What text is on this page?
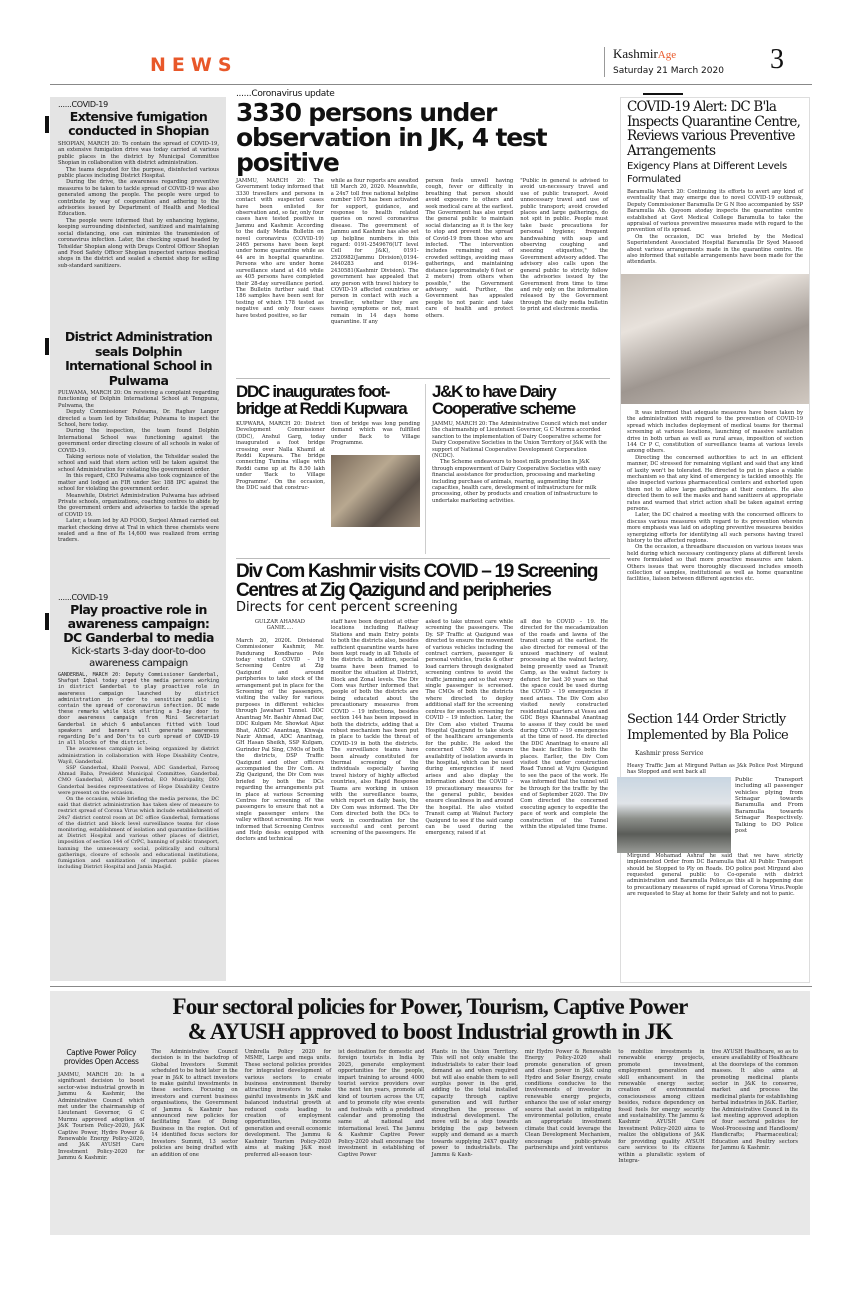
NEWS
KashmirAge
Saturday 21 March 2020 3
......COVID-19
Extensive fumigation conducted in Shopian

SHOPIAN, MARCH 20: To contain the spread of COVID-19, an extensive fumigation drive was today carried at various public places in the district by Municipal Committee Shopian in collaboration with district administration.

The teams deputed for the purpose, disinfected various public places including District Hospital.

During the drive, the awareness regarding preventive measures to be taken to tackle spread of COVID-19 was also generated among the people. The people were urged to contribute by way of cooperation and adhering to the advisories issued by Department of Health and Medical Education.

The people were informed that by enhancing hygiene, keeping surrounding disinfected, sanitized and maintaining social distancing, one can minimize the transmission of coronavirus infection. Later, the checking squad headed by Tehsildar Shopian along with Drugs Control Officer Shopian and Food Safety Officer Shopian inspected various medical shops in the district and sealed a chemist shop for selling sub-standard sanitizers.

District Administration seals Dolphin International School in Pulwama

PULWAMA, MARCH 20: On receiving a complaint regarding functioning of Dolphin International School at Tengpuna, Pulwama, the

Deputy Commissioner Pulwama, Dr. Raghav Langer directed a team led by Tehsildar, Pulwama to inspect the School, here today.

During the inspection, the team found Dolphin International School was functioning against the government order directing closure of all schools in wake of COVID-19.

Taking serious note of violation, the Tehsildar sealed the school and said that stern action will be taken against the school Administration for violating the government order.

In this regard, CEO Pulwama also took cognizance of the matter and lodged an FIR under Sec 188 IPC against the school for violating the government order.

Meanwhile, District Administration Pulwama has advised Private schools, organizations, coaching centres to abide by the government orders and advisories to tackle the spread of COVID 19.

Later, a team led by AD FOOD, Surjeel Ahmad carried out market checking drive at Tral in which three chemists were sealed and a fine of Rs 14,600 was realized from erring traders.

......COVID-19
Play proactive role in awareness campaign: DC Ganderbal to media
Kick-starts 3-day door-to-doo awareness campaign

GANDERBAL, MARCH 20: Deputy Commissioner Ganderbal, Shafqat Iqbal today urged the media persons working in district Ganderbal to play proactive role in awareness campaign launched by district administration in order to sensitize public to contain the spread of coronavirus infection. DC made these remarks while kick starting a 3-day door to door awareness campaign from Mini Secretariat Ganderbal in which 6 ambulances fitted with loud speakers and banners will generate awareness regarding Do's and Don'ts to curb spread of COVID-19 in all blocks of the district.

The awareness campaign is being organized by district administration in collaboration with Hope Disability Centre, Wayil, Ganderbal.

SSP Ganderbal, Khalil Poswal, ADC Ganderbal, Farooq Ahmad Baba, President Municipal Committee, Ganderbal, CMO Ganderbal, ARTO Ganderbal, EO Municipality, DIO Ganderbal besides representatives of Hope Disability Centre were present on the occasion.

On the occasion, while briefing the media persons, the DC said that district administration has taken slew of measure to restrict spread of Corona Virus which include establishment of 24x7 district control room at DC office Ganderbal, formations of the district and block level surveillance teams for close monitoring, establishment of isolation and quarantine facilities at District Hospital and various other places of district, imposition of section 144 of CrPC, banning of public transport, banning the unnecessary social, politically and cultural gatherings, closure of schools and educational institutions, fumigation and sanitization of important public places including District Hospital and Jamia Masjid.

......Coronavirus update
3330 persons under observation in JK, 4 test positive
JAMMU, MARCH 20: The Government today informed that 3330 travellers and persons in contact with suspected cases have been enlisted for observation and, so far, only four cases have tested positive in Jammu and Kashmir. According to the daily Media Bulletin on novel coronavirus (COVID-19) 2465 persons have been kept under home quarantine while as 44 are in hospital quarantine. Persons who are under home surveillance stand at 416 while as 405 persons have completed their 28-day surveillance period. The Bulletin further said that 186 samples have been sent for testing of which 178 tested as negative and only four cases have tested positive, so far
while as four reports are awaited till March 20, 2020. Meanwhile, a 24x7 toll free national helpline number 1075 has been activated for support, guidance, and response to health related queries on novel coronavirus disease. The government of Jammu and Kashmir has also set up helpline numbers in this regard: 0191-2549676(UT level Cell for J&K), 0191-2520982(Jammu Division),0194-2440283 and 0194-2430581(Kashmir Division). The government has appealed that any person with travel history to COVID-19 affected countries or person in contact with such a traveller, whether they are having symptoms or not, must remain in 14 days home quarantine. If any
person feels unwell having cough, fever or difficulty in breathing that person should avoid exposure to others and seek medical care at the earliest. The Government has also urged the general public to maintain social distancing as it is the key to stop and prevent the spread of Covid-19 from those who are infected. "The intervention includes remaining out of crowded settings, avoiding mass gatherings, and maintaining distance (approximately 6 feet or 2 meters) from others when possible," the Government advisory said. Further, the Government has appealed people to not panic and take care of health and protect others.
"Public in general is advised to avoid un-necessary travel and use of public transport. Avoid unnecessary travel and use of public transport; avoid crowded places and large gatherings, do not spit in public. People must take basic precautions for personal hygiene; frequent handwashing with soap and observing coughing and sneezing etiquettes," the Government advisory added. The advisory also calls upon the general public to strictly follow the advisories issued by the Government from time to time and rely only on the information released by the Government through the daily media bulletin to print and electronic media.
DDC inaugurates foot-bridge at Reddi Kupwara
KUPWARA, MARCH 20: District Development Commissioner (DDC), Anshul Garg, today inaugurated a foot bridge crossing over Nalla Khamil at Reddi Kupwara. The bridge connecting Tumina village with Reddi came up at Rs 8.50 lakh under 'Back to Village Programme'. On the occasion, the DDC said that construc-
tion of bridge was long pending demand which was fulfilled under Back to Village Programme.
J&K to have Dairy Cooperative scheme

JAMMU, MARCH 20: The Administrative Council which met under the chairmanship of Lieutenant Governor, G C Murmu accorded sanction to the implementation of Dairy Cooperative scheme for Dairy Cooperative Societies in the Union Territory of J&K with the support of National Cooperative Development Corporation (NCDC).

The Scheme endeavours to boost milk production in J&K through empowerment of Dairy Cooperative Societies with easy financial assistance for production, processing and marketing including purchase of animals, rearing, augmenting their capacities, health care, development of infrastructure for milk processing, other by products and creation of infrastructure to undertake marketing activities.

Div Com Kashmir visits COVID – 19 Screening Centres at Zig Qazigund and peripheries
Directs for cent percent screening
GULZAR AHAMAD GANIE.....
March 20, 2020L Divisional Commissioner Kashmir, Mr. Pandurang Kondbarao Pole today visited COVID – 19 Screening Centre at Zig Qazigund and around peripheries to take stock of the arrangement put in place for the Screening of the passengers, visiting the valley for various purposes in different vehicles through Jawahari Tunnel. DDC Anantnag Mr. Bashir Ahmad Dar, DDC Kulgam Mr. Showkat Aijaz Bhat, ADDC Anantnag, Khwaja Nazir Ahmad, ADC Anantnag, GH Hasan Sheikh, SSP Kulgam, Gurinder Pal Sing, CMOs of both the districts, DSP Traffic Qazigund and other officers accompanied the Div Com. At Zig Qazigund, the Div Com was briefed by both the DCs regarding the arrangements put in place at various Screening Centres for screening of the passengers to ensure that not a single passenger enters the valley without screening. He was informed that Screening Centres and Help desks equipped with doctors and technical
staff have been deputed at other locations including Railway Stations and main Entry points to both the districts also, besides sufficient quarantine wards have been kept ready in all Tehsils of the districts. In addition, special teams have been framed to monitor the situation at District, Block and Zonal levels. The Div Com was further informed that people of both the districts are being educated about the precautionary measures from COVID – 19 infections, besides section 144 has been imposed in both the districts, adding that a robust mechanism has been put in place to tackle the threat of COVID-19 in both the districts. The surveillance teams have been already constituted for thermal screening of the individuals especially having travel history of highly affected countries, also Rapid Response Teams are working in unison with the surveillance teams, which report on daily basis, the Div Com was informed. The Div Com directed both the DCs to work in coordination for the successful and cent percent screening of the passengers. He
asked to take utmost care while screening the passengers. The Dy. SP Traffic at Qazigund was directed to ensure the movement of various vehicles including the contract carriers, passenger & personal vehicles, trucks & other load carriers through designated screening centres to avoid the traffic jamming and so that every single passenger is screened. The CMOs of both the districts where directed to deploy additional staff for the screening centres for smooth screening for COVID – 19 infection. Later, the Div Com also visited Trauma Hospital Qazigund to take stock of the healthcare arrangements for the public. He asked the concerned CMO to ensure availability of isolation awards in the hospital, which can be used during emergencies if need arises and also display the information about the COVID – 19 precautionary measures for the general public, besides ensure cleanliness in and around the hospital. He also visited Transit camp at Walnut Factory Qazigund to see if the said camp can be used during the emergency, raised if at
all due to COVID – 19. He directed for the mecadamization of the roads and lawns of the transit camp at the earliest. He also directed for removal of the unused machinery of walnut processing at the walnut factory, being presently used as Transit Camp, as the walnut factory is defunct for last 30 years so that the space could be used during the COVID – 19 emergencies if need arises. The Div Com also visited newly constructed residential quarters at Vessu and GDC Boys Khannabal Anantnag to assess if they could be used during COVID – 19 emergencies at the time of need. He directed the DDC Anantnag to ensure all the basic facilities to both the places. Earlier, the Div Com visited the under construction Road Tunnel at Vujru Qazigund to see the pace of the work. He was informed that the tunnel will be through for the traffic by the end of September 2020. The Div Com directed the concerned executing agency to expedite the pace of work and complete the construction of the Tunnel within the stipulated time frame.
COVID-19 Alert: DC B'la Inspects Quarantine Centre, Reviews various Preventive Arrangements
Exigency Plans at Different Levels Formulated

Baramulla March 20: Continuing its efforts to avert any kind of eventuality that may emerge due to novel COVID-19 outbreak, Deputy Commissioner Baramulla Dr G N Itoo accompanied by SSP Baramulla Ab. Qayoom atoday inspects the quarantine centre established at Govt Medical College Baramulla to take the appraisal of various preventive measures made with regard to the prevention of its spread.

On the occasion, DC was briefed by the Medical Superintendent Associated Hospital Baramulla Dr Syed Masood about various arrangements made in the quarantine centre. He also informed that suitable arrangements have been made for the attendants.

It was informed that adequate measures have been taken by the administration with regard to the prevention of COVID-19 spread which includes deployment of medical teams for thermal screening at various locations, launching of massive sanitation drive in both urban as well as rural areas, imposition of section 144 Cr P C, constitution of surveillance teams at various levels among others.

Directing the concerned authorities to act in an efficient manner, DC stressed for remaining vigilant and said that any kind of laxity won't be tolerated. He directed to put in place a viable mechanism so that any kind of emergency is tackled smoothly. He also inspected various pharmaceutical centers and exhorted upon them not to allow large gatherings at their centers. He also directed them to sell the masks and hand sanitizers at appropriate rates and warned that strict action shall be taken against erring persons.

Later, the DC chaired a meeting with the concerned officers to discuss various measures with regard to its prevention wherein more emphasis was laid on adopting preventive measures besides synergizing efforts for identifying all such persons having travel history to the affected regions.

On the occasion, a threadbare discussion on various issues was held during which necessary contingency plans at different levels were formulated so that more proactive measures are taken. Others issues that were thoroughly discussed includes smooth collection of samples, institutional as well as home quarantine facilities, liaison between different agencies etc.

Section 144 Order Strictly Implemented by Bla Police
Kashmir press Service
Heavy Traffic Jam at Mirgund Pattan as J&k Police Post Mirgund has Stopped and sent back all
Public Transport including all passenger vehicles plying from Srinagar towards Baramulla and From Baramulla towards Srinagar Respectively. Talking to DO Police post
Mirgund Mohamad Ashraf he said that we have strictly implemented Order from DC Baramulla that All Public Transport should be Stopped to Ply on Roads. DO police post Mirgund also requested general public to Co-operate with district administration and Baramulla Police,as this all is happening due to precautionary measures of rapid spread of Corona Virus.People are requested to Stay at home for their Safety and not to panic.
Four sectoral policies for Power, Tourism, Captive Power
& AYUSH approved to boost Industrial growth in JK
Captive Power Policy provides Open Access
JAMMU, MARCH 20: In a significant decision to boost sector-wise industrial growth in Jammu & Kashmir, the Administrative Council which met under the chairmanship of Lieutenant Governor, G C Murmu approved adoption of J&K Tourism Policy-2020, J&K Captive Power, Hydro Power & Renewable Energy Policy-2020, and J&K AYUSH Care Investment Policy-2020 for Jammu & Kashmir.
The Administrative Council decision is in the backdrop of Global Investors Summit scheduled to be held later in the year in J&K to attract investors to make gainful investments in these sectors. Focusing on investors and current business organisations, the Government of Jammu & Kashmir has announced new policies for facilitating Ease of Doing Business in the region. Out of 14 identified focus sectors for Investors Summit, 13 sector policies are being drafted with an addition of one
Umbrella Policy 2020 for MSME, Large and mega units. These sectoral policies provides for integrated development of various sectors to create business environment thereby attracting investors to make gainful investments in J&K and balanced industrial growth at reduced costs leading to creation of employment opportunities, income generation and overall economic development. The Jammu & Kashmir Tourism Policy-2020 aims at making J&K most preferred all-season tour-
ist destination for domestic and foreign tourists in India by 2025, generate employment opportunities for the people, impart training to around 4000 tourist service providers over the next ten years, promote all kind of tourism across the UT, and to promote city wise events and festivals with a predefined calendar and promoting the same at national and international level. The Jammu & Kashmir Captive Power Policy-2020 shall encourage the investment in establishing of Captive Power
Plants in the Union Territory. This will not only enable the industrialists to cater their load demand as and when required but will also enable them to sell surplus power in the grid, adding to the total installed capacity through captive generation and will further strengthen the process of industrial development. The move will be a step towards bridging the gap between supply and demand as a march towards supplying 24X7 quality power to industrialists. The Jammu & Kash-
mir Hydro Power & Renewable Energy Policy-2020 shall promote generation of green and clean power in J&K using Hydro and Solar Energy, create conditions conducive to the involvements of investor in renewable energy projects, enhance the use of solar energy source that assist in mitigating environmental pollution, create an appropriate investment climate that could leverage the Clean Development Mechanism, encourage public-private partnerships and joint ventures
to mobilize investments in renewable energy projects, promote investment, employment generation and skill enhancement in the renewable energy sector, creation of environmental consciousness among citizen besides, reduce dependency on fossil fuels for energy security and sustainability. The Jammu & Kashmir AYUSH Care Investment Policy-2020 aims to realize the obligations of J&K for providing quality AYSUH care services to its citizens within a pluralistic system of Integra-
tive AYUSH Healthcare, so as to ensure availability of Healthcare at the doorsteps of the common masses. It also aims at promoting medicinal plants sector in J&K to conserve, market and process the medicinal plants for establishing herbal industries in J&K. Earlier, the Administrative Council in its last meeting approved adoption of four sectoral policies for Wool-Processing and Handloom/ Handicrafts; Pharmaceutical; Education and Poultry sectors for Jammu & Kashmir.
